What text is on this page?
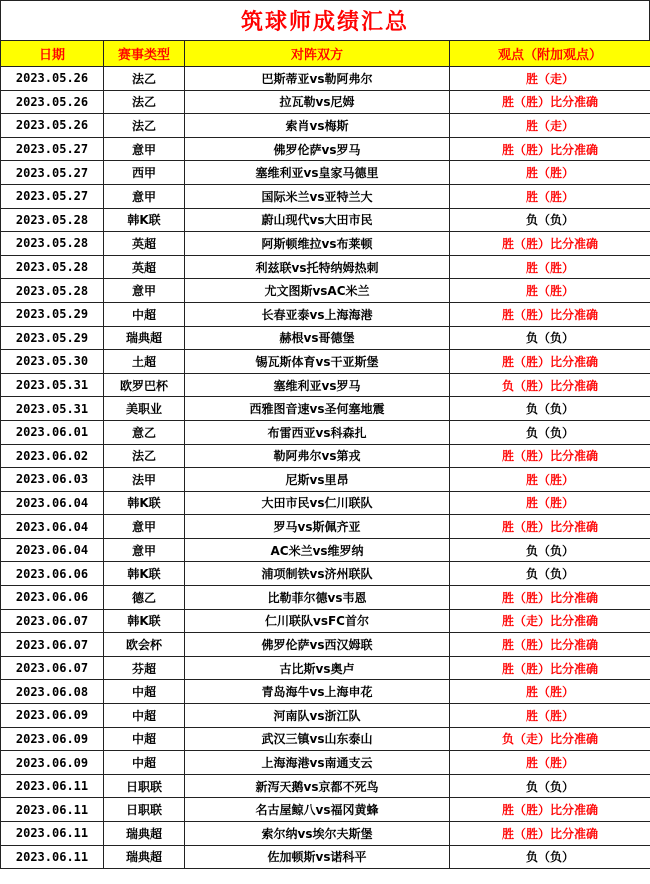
筑球师成绩汇总
日期	赛事类型	对阵双方	观点（附加观点）
2023.05.26	法乙	巴斯蒂亚vs勒阿弗尔	胜（走）
2023.05.26	法乙	拉瓦勒vs尼姆	胜（胜）比分准确
2023.05.26	法乙	索肖vs梅斯	胜（走）
2023.05.27	意甲	佛罗伦萨vs罗马	胜（胜）比分准确
2023.05.27	西甲	塞维利亚vs皇家马德里	胜（胜）
2023.05.27	意甲	国际米兰vs亚特兰大	胜（胜）
2023.05.28	韩K联	蔚山现代vs大田市民	负（负）
2023.05.28	英超	阿斯顿维拉vs布莱顿	胜（胜）比分准确
2023.05.28	英超	利兹联vs托特纳姆热刺	胜（胜）
2023.05.28	意甲	尤文图斯vsAC米兰	胜（胜）
2023.05.29	中超	长春亚泰vs上海海港	胜（胜）比分准确
2023.05.29	瑞典超	赫根vs哥德堡	负（负）
2023.05.30	土超	锡瓦斯体育vs干亚斯堡	胜（胜）比分准确
2023.05.31	欧罗巴杯	塞维利亚vs罗马	负（胜）比分准确
2023.05.31	美职业	西雅图音速vs圣何塞地震	负（负）
2023.06.01	意乙	布雷西亚vs科森扎	负（负）
2023.06.02	法乙	勒阿弗尔vs第戎	胜（胜）比分准确
2023.06.03	法甲	尼斯vs里昂	胜（胜）
2023.06.04	韩K联	大田市民vs仁川联队	胜（胜）
2023.06.04	意甲	罗马vs斯佩齐亚	胜（胜）比分准确
2023.06.04	意甲	AC米兰vs维罗纳	负（负）
2023.06.06	韩K联	浦项制铁vs济州联队	负（负）
2023.06.06	德乙	比勒菲尔德vs韦恩	胜（胜）比分准确
2023.06.07	韩K联	仁川联队vsFC首尔	胜（走）比分准确
2023.06.07	欧会杯	佛罗伦萨vs西汉姆联	胜（胜）比分准确
2023.06.07	芬超	古比斯vs奥卢	胜（胜）比分准确
2023.06.08	中超	青岛海牛vs上海申花	胜（胜）
2023.06.09	中超	河南队vs浙江队	胜（胜）
2023.06.09	中超	武汉三镇vs山东泰山	负（走）比分准确
2023.06.09	中超	上海海港vs南通支云	胜（胜）
2023.06.11	日职联	新泻天鹅vs京都不死鸟	负（负）
2023.06.11	日职联	名古屋鲸八vs福冈黄蜂	胜（胜）比分准确
2023.06.11	瑞典超	索尔纳vs埃尔夫斯堡	胜（胜）比分准确
2023.06.11	瑞典超	佐加顿斯vs诺科平	负（负）
